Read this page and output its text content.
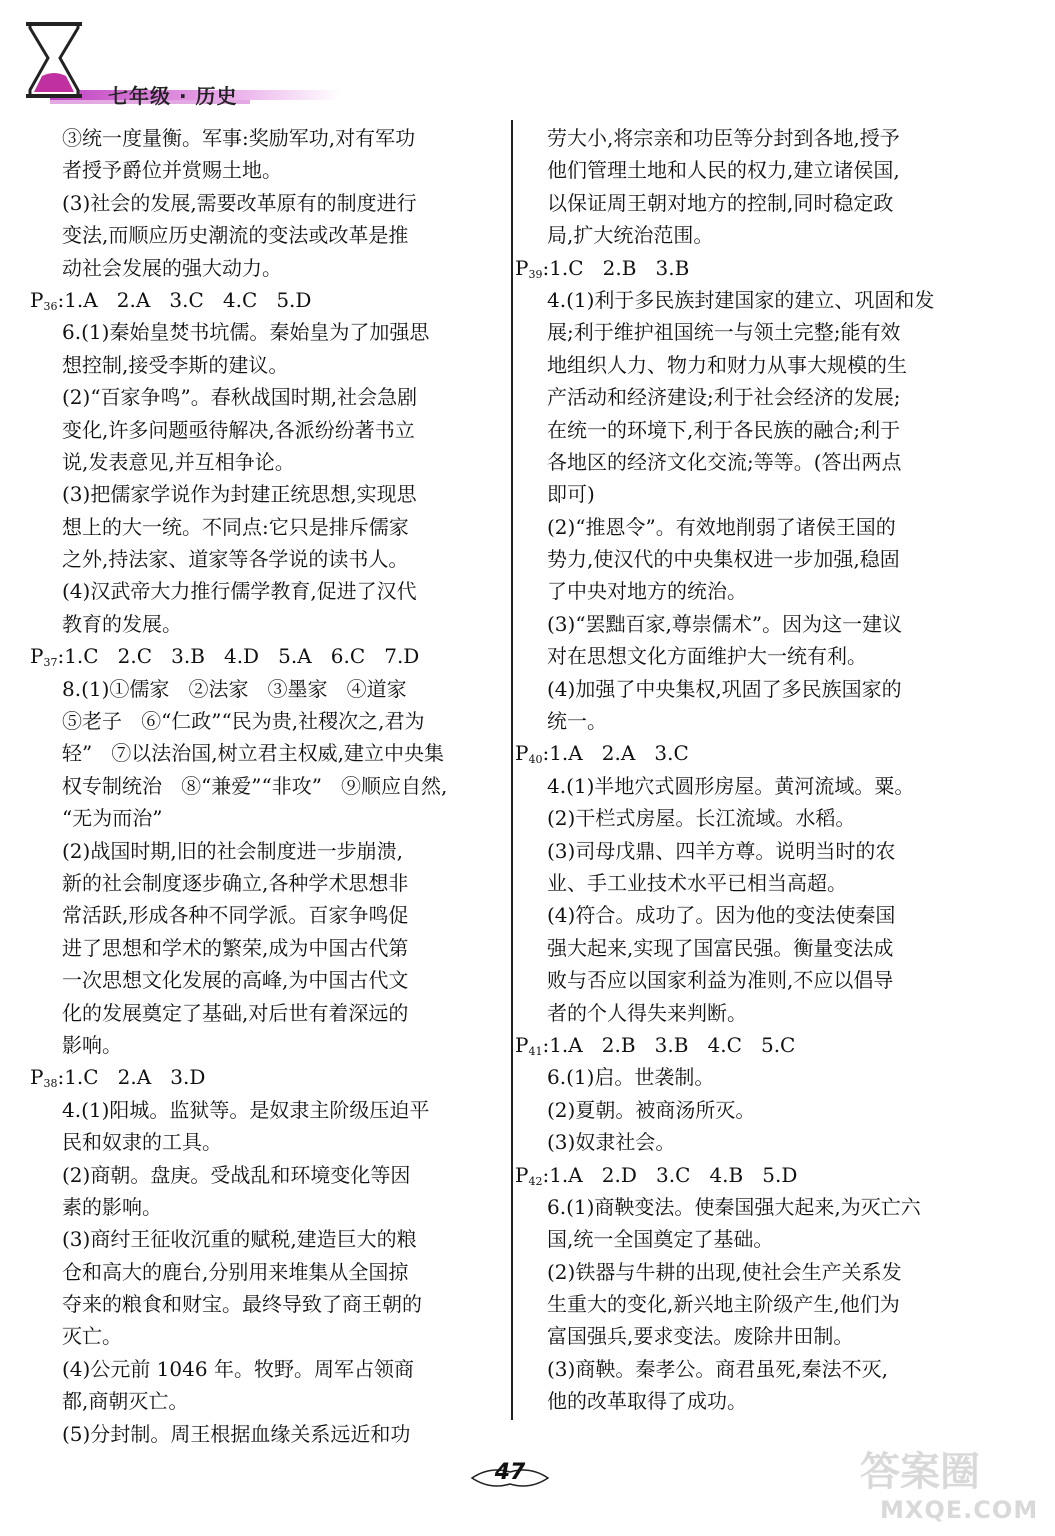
七年级 · 历史
③统一度量衡。军事:奖励军功,对有军功
者授予爵位并赏赐土地。
(3)社会的发展,需要改革原有的制度进行
变法,而顺应历史潮流的变法或改革是推
动社会发展的强大动力。
$P_{36}:1.A$   2.A   3.C   4.C   5.D
6.(1)秦始皇焚书坑儒。秦始皇为了加强思
想控制,接受李斯的建议。
(2)“百家争鸣”。春秋战国时期,社会急剧
变化,许多问题亟待解决,各派纷纷著书立
说,发表意见,并互相争论。
(3)把儒家学说作为封建正统思想,实现思
想上的大一统。不同点:它只是排斥儒家
之外,持法家、道家等各学说的读书人。
(4)汉武帝大力推行儒学教育,促进了汉代
教育的发展。
$P_{37}:1.C$   2.C   3.B   4.D   5.A   6.C   7.D
8.(1)①儒家   ②法家   ③墨家   ④道家
⑤老子   ⑥“仁政”“民为贵,社稷次之,君为
轻”   ⑦以法治国,树立君主权威,建立中央集
权专制统治   ⑧“兼爱”“非攻”   ⑨顺应自然,
“无为而治”
(2)战国时期,旧的社会制度进一步崩溃,
新的社会制度逐步确立,各种学术思想非
常活跃,形成各种不同学派。百家争鸣促
进了思想和学术的繁荣,成为中国古代第
一次思想文化发展的高峰,为中国古代文
化的发展奠定了基础,对后世有着深远的
影响。
$P_{38}:1.C$   2.A   3.D
4.(1)阳城。监狱等。是奴隶主阶级压迫平
民和奴隶的工具。
(2)商朝。盘庚。受战乱和环境变化等因
素的影响。
(3)商纣王征收沉重的赋税,建造巨大的粮
仓和高大的鹿台,分别用来堆集从全国掠
夺来的粮食和财宝。最终导致了商王朝的
灭亡。
(4)公元前 1046 年。牧野。周军占领商
都,商朝灭亡。
(5)分封制。周王根据血缘关系远近和功
劳大小,将宗亲和功臣等分封到各地,授予
他们管理土地和人民的权力,建立诸侯国,
以保证周王朝对地方的控制,同时稳定政
局,扩大统治范围。
$P_{39}:1.C$   2.B   3.B
4.(1)利于多民族封建国家的建立、巩固和发
展;利于维护祖国统一与领土完整;能有效
地组织人力、物力和财力从事大规模的生
产活动和经济建设;利于社会经济的发展;
在统一的环境下,利于各民族的融合;利于
各地区的经济文化交流;等等。(答出两点
即可)
(2)“推恩令”。有效地削弱了诸侯王国的
势力,使汉代的中央集权进一步加强,稳固
了中央对地方的统治。
(3)“罢黜百家,尊崇儒术”。因为这一建议
对在思想文化方面维护大一统有利。
(4)加强了中央集权,巩固了多民族国家的
统一。
$P_{40}:1.A$   2.A   3.C
4.(1)半地穴式圆形房屋。黄河流域。粟。
(2)干栏式房屋。长江流域。水稻。
(3)司母戊鼎、四羊方尊。说明当时的农
业、手工业技术水平已相当高超。
(4)符合。成功了。因为他的变法使秦国
强大起来,实现了国富民强。衡量变法成
败与否应以国家利益为准则,不应以倡导
者的个人得失来判断。
$P_{41}:1.A$   2.B   3.B   4.C   5.C
6.(1)启。世袭制。
(2)夏朝。被商汤所灭。
(3)奴隶社会。
$P_{42}:1.A$   2.D   3.C   4.B   5.D
6.(1)商鞅变法。使秦国强大起来,为灭亡六
国,统一全国奠定了基础。
(2)铁器与牛耕的出现,使社会生产关系发
生重大的变化,新兴地主阶级产生,他们为
富国强兵,要求变法。废除井田制。
(3)商鞅。秦孝公。商君虽死,秦法不灭,
他的改革取得了成功。
47	答案圈
MXQE.COM
